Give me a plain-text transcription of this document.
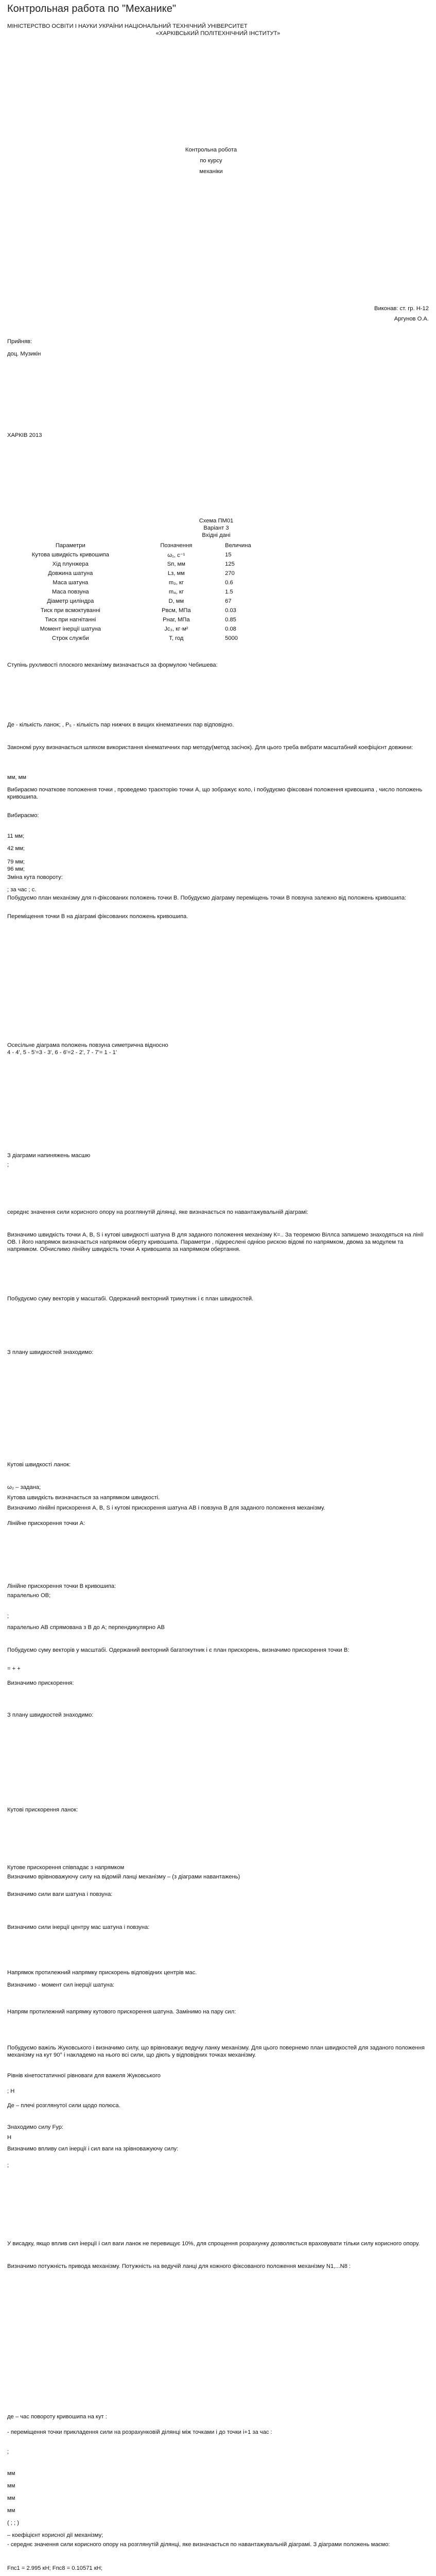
Контрольная работа по "Механике"
МІНІСТЕРСТВО ОСВІТИ І НАУКИ УКРАЇНИ НАЦІОНАЛЬНИЙ ТЕХНІЧНИЙ УНІВЕРСИТЕТ
«ХАРКІВСЬКИЙ ПОЛІТЕХНІЧНИЙ ІНСТИТУТ»
Контрольна робота
по курсу
механіки
Виконав: ст. гр. Н-12
Аргунов О.А.
Прийняв:
доц. Музикін
ХАРКІВ 2013
Схема ПМ01
Варіант 3
Вхідні дані
Параметри	Позначення	Величина
Кутова швидкість кривошипа	ω₁, с⁻¹	15
Хід плунжера	Sп, мм	125
Довжина шатуна	Lз, мм	270
Маса шатуна	m₃, кг	0.6
Маса повзуна	m₄, кг	1.5
Діаметр циліндра	D, мм	67
Тиск при всмоктуванні	Pвсм, МПа	0.03
Тиск при нагнітанні	Pнаг, МПа	0.85
Момент інерції шатуна	Jc₃, кг·м²	0.08
Строк служби	T, год	5000

Ступінь рухливості плоского механізму визначається за формулою Чебишева:

Де - кількість ланок; , Р₅ - кількість пар нижчих в вищих кінематичних пар відповідно.

Закономі руху визначається шляхом використання кінематичних пар методу(метод засічок). Для цього треба вибрати масштабний коефіцієнт довжини:

мм, мм

Вибираємо початкове положення точки , проведемо траєкторію точки А, що зображує коло, і побудуємо фіксовані положення кривошипа , число положень кривошипа.

Вибираємо:

11 мм;

42 мм;

79 мм;

96 мм;

Зміна кута повороту:

; за час ; с.

Побудуємо план механізму для n-фіксованих положень точки В. Побудуємо діаграму переміщень точки В повзуна залежно від положень кривошипа:

Переміщення точки В на діаграмі фіксованих положень кривошипа.

Осесільне діаграма положень повзуна симетрична відносно

4 - 4', 5 - 5'=3 - 3', 6 - 6'=2 - 2', 7 - 7'= 1 - 1'

З діаграми напиняжень масшю

;

середнє значення сили корисного опору на розглянутій ділянці, яке визначається по навантажувальній діаграмі:

Визначимо швидкість точки А, В, S і кутові швидкості шатуна В для заданого положення механізму К=.. За теоремою Віллса запишемо знаходяться на лінії ОВ. І його напрямок визначається напрямом оберту кривошипа. Параметри , підкреслені однією рискою відомі по напрямком, двома за модулем та напрямком. Обчислимо лінійну швидкість точки А кривошипа за напрямком обертання.

Побудуємо суму векторів у масштабі. Одержаний векторний трикутник і є план швидкостей.

З плану швидкостей знаходимо:

Кутові швидкості ланок:

ω₂ – задана;

Кутова швидкість визначається за напрямком швидкості.

Визначимо лінійні прискорення А, В, S і кутові прискорення шатуна АВ і повзуна В для заданого положення механізму.

Лінійне прискорення точки А:

Лінійне прискорення точки В кривошипа:

паралельно ОВ;

;

паралельно АВ спрямована з В до А; перпендикулярно АВ

Побудуємо суму векторів у масштабі. Одержаний векторний багатокутник і є план прискорень, визначимо прискорення точки В:

= + +

Визначимо прискорення:

З плану швидкостей знаходимо:

Кутові прискорення ланок:

Кутове прискорення співпадає з напрямком

Визначимо врівноважуючу силу на відомій ланці механізму – (з діаграми навантажень)

Визначимо сили ваги шатуна і повзуна:

Визначимо сили інерції центру мас шатуна і повзуна:

Напрямок протилежний напрямку прискорень відповідних центрів мас.

Визначимо - момент сил інерції шатуна:

Напрям протилежний напрямку кутового прискорення шатуна. Замінимо на пару сил:

Побудуємо важіль Жуковського і визначимо силу, що врівноважує ведучу ланку механізму. Для цього повернемо план швидкостей для заданого положення механізму на кут 90° і накладемо на нього всі сили, що діють у відповідних точках механізму.

Рівнів кінетостатичної рівноваги для важеля Жуковського

; Н

Де – плечі розглянутої сили щодо полюса.

Знаходимо силу Fур:

Н

Визначимо впливу сил інерції і сил ваги на зрівноважуючу силу:

;

У висадку, якщо вплив сил інерції і сил ваги ланок не перевищує 10%, для спрощення розрахунку дозволяється враховувати тільки силу корисного опору.

Визначимо потужність привода механізму. Потужність на ведучій ланці для кожного фіксованого положення механізму N1,...N8 :

де – час повороту кривошипа на кут :

- переміщення точки прикладення сили на розрахунковій ділянці між точками і до точки і+1 за час :

;

мм

мм

мм

мм

( ; ; )

– коефіцієнт корисної дії механізму;

- середнє значення сили корисного опору на розглянутій ділянці, яке визначається по навантажувальній діаграмі. З діаграми положень маємо:

Fпс1 = 2.995 кН; Fпс8 = 0.10571 кН;
